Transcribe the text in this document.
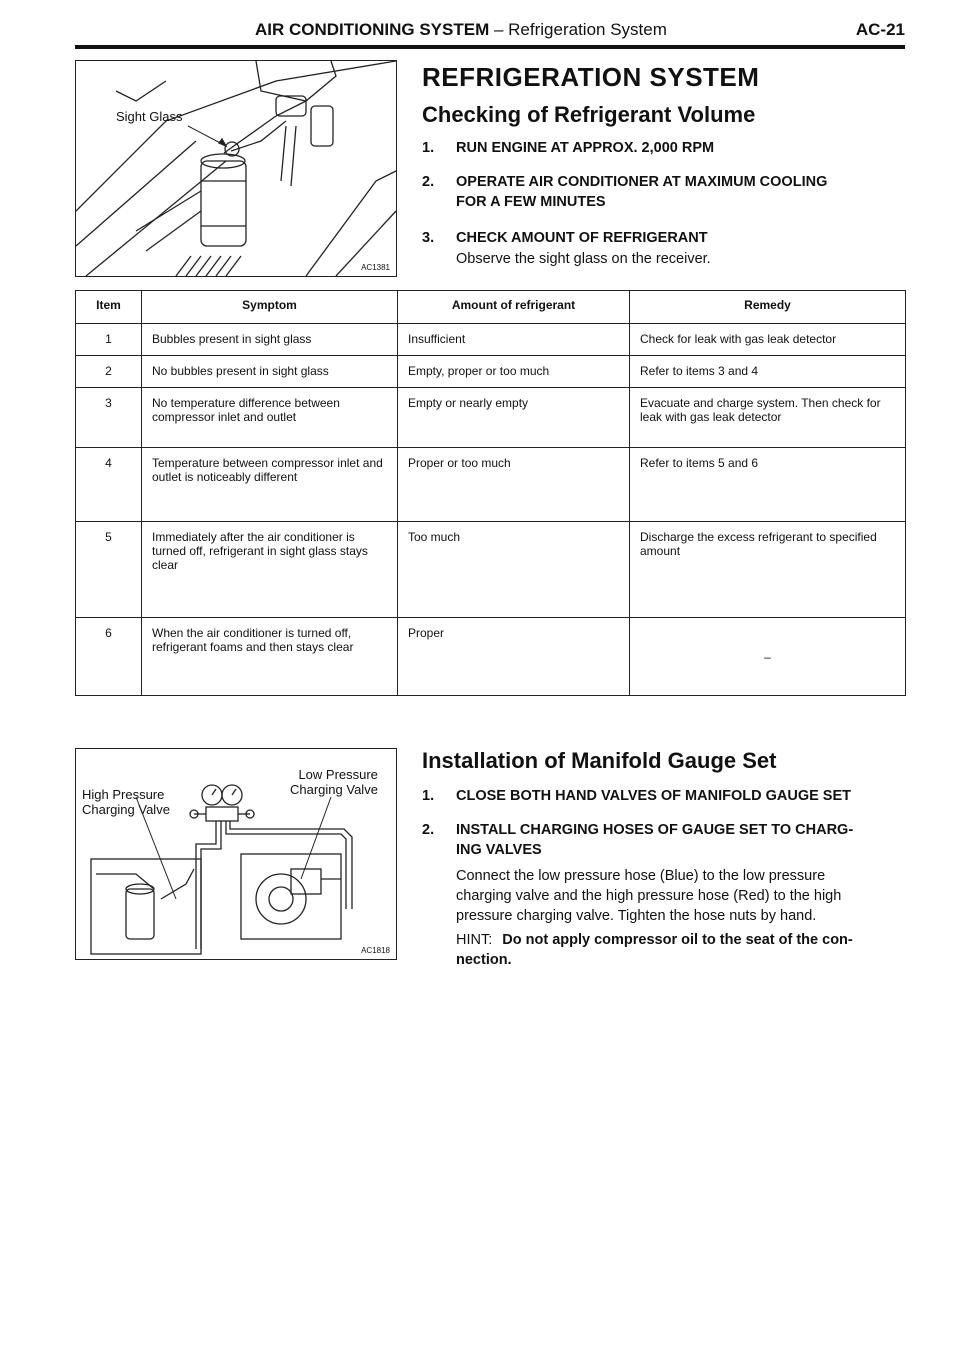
AIR CONDITIONING SYSTEM – Refrigeration System	AC-21
Sight Glass
AC1381
REFRIGERATION SYSTEM
Checking of Refrigerant Volume
1. RUN ENGINE AT APPROX. 2,000 RPM
2. OPERATE AIR CONDITIONER AT MAXIMUM COOLING
FOR A FEW MINUTES
3. CHECK AMOUNT OF REFRIGERANT
Observe the sight glass on the receiver.
Item	Symptom	Amount of refrigerant	Remedy
1	Bubbles present in sight glass	Insufficient	Check for leak with gas leak detector
2	No bubbles present in sight glass	Empty, proper or too much	Refer to items 3 and 4
3	No temperature difference between compressor inlet and outlet	Empty or nearly empty	Evacuate and charge system. Then check for leak with gas leak detector
4	Temperature between compressor inlet and outlet is noticeably different	Proper or too much	Refer to items 5 and 6
5	Immediately after the air conditioner is turned off, refrigerant in sight glass stays clear	Too much	Discharge the excess refrigerant to specified amount
6	When the air conditioner is turned off, refrigerant foams and then stays clear	Proper	–
High Pressure
Charging Valve
Low Pressure
Charging Valve
AC1818
Installation of Manifold Gauge Set
1. CLOSE BOTH HAND VALVES OF MANIFOLD GAUGE SET
2. INSTALL CHARGING HOSES OF GAUGE SET TO CHARG-
ING VALVES
Connect the low pressure hose (Blue) to the low pressure
charging valve and the high pressure hose (Red) to the high
pressure charging valve. Tighten the hose nuts by hand.
HINT: Do not apply compressor oil to the seat of the con-
nection.
